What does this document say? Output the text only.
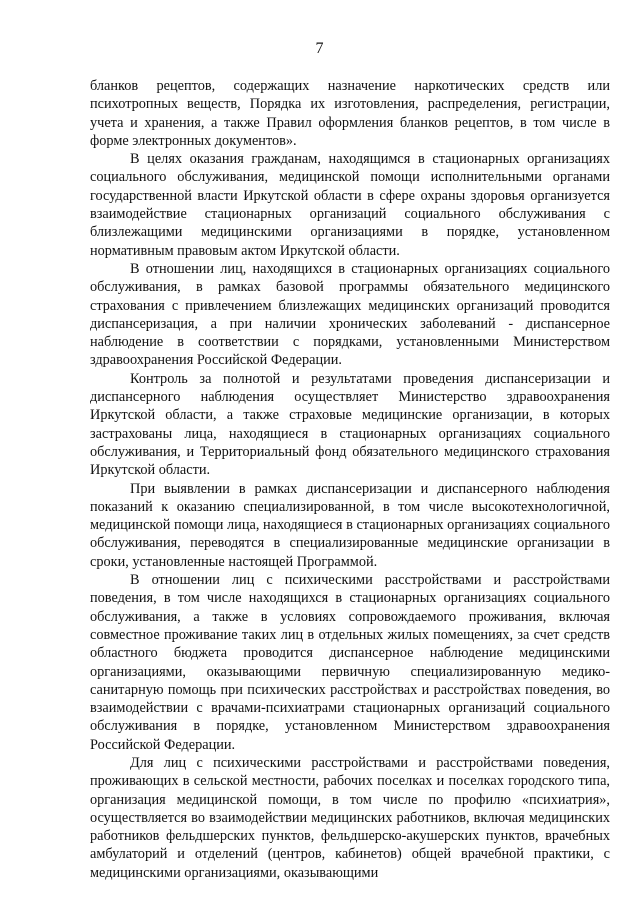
7

бланков рецептов, содержащих назначение наркотических средств или психотропных веществ, Порядка их изготовления, распределения, регистрации, учета и хранения, а также Правил оформления бланков рецептов, в том числе в форме электронных документов».

В целях оказания гражданам, находящимся в стационарных организациях социального обслуживания, медицинской помощи исполнительными органами государственной власти Иркутской области в сфере охраны здоровья организуется взаимодействие стационарных организаций социального обслуживания с близлежащими медицинскими организациями в порядке, установленном нормативным правовым актом Иркутской области.

В отношении лиц, находящихся в стационарных организациях социального обслуживания, в рамках базовой программы обязательного медицинского страхования с привлечением близлежащих медицинских организаций проводится диспансеризация, а при наличии хронических заболеваний - диспансерное наблюдение в соответствии с порядками, установленными Министерством здравоохранения Российской Федерации.

Контроль за полнотой и результатами проведения диспансеризации и диспансерного наблюдения осуществляет Министерство здравоохранения Иркутской области, а также страховые медицинские организации, в которых застрахованы лица, находящиеся в стационарных организациях социального обслуживания, и Территориальный фонд обязательного медицинского страхования Иркутской области.

При выявлении в рамках диспансеризации и диспансерного наблюдения показаний к оказанию специализированной, в том числе высокотехнологичной, медицинской помощи лица, находящиеся в стационарных организациях социального обслуживания, переводятся в специализированные медицинские организации в сроки, установленные настоящей Программой.

В отношении лиц с психическими расстройствами и расстройствами поведения, в том числе находящихся в стационарных организациях социального обслуживания, а также в условиях сопровождаемого проживания, включая совместное проживание таких лиц в отдельных жилых помещениях, за счет средств областного бюджета проводится диспансерное наблюдение медицинскими организациями, оказывающими первичную специализированную медико-санитарную помощь при психических расстройствах и расстройствах поведения, во взаимодействии с врачами-психиатрами стационарных организаций социального обслуживания в порядке, установленном Министерством здравоохранения Российской Федерации.

Для лиц с психическими расстройствами и расстройствами поведения, проживающих в сельской местности, рабочих поселках и поселках городского типа, организация медицинской помощи, в том числе по профилю «психиатрия», осуществляется во взаимодействии медицинских работников, включая медицинских работников фельдшерских пунктов, фельдшерско-акушерских пунктов, врачебных амбулаторий и отделений (центров, кабинетов) общей врачебной практики, с медицинскими организациями, оказывающими
